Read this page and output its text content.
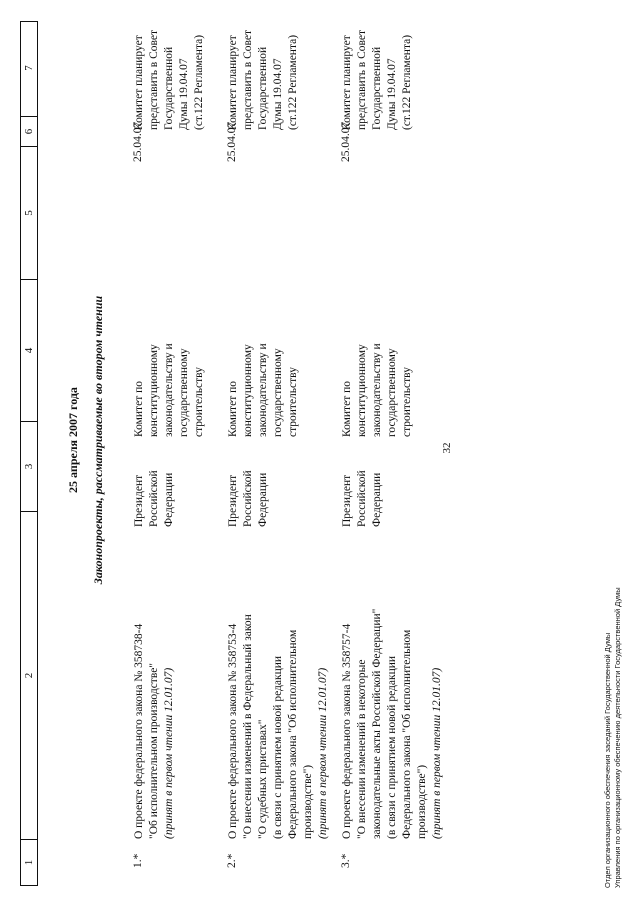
32
1
2
3
4
5
6
7
25 апреля 2007 года Законопроекты, рассматриваемые во втором чтении
1.*
О проекте федерального закона № 358738-4 "Об исполнительном производстве" (принят в первом чтении 12.01.07)
Президент
Российской
Федерации
Комитет по
конституционному
законодательству и
государственному
строительству
25.04.07
Комитет планирует
представить в Совет
Государственной
Думы 19.04.07
(ст.122 Регламента)
2.*
О проекте федерального закона № 358753-4 "О внесении изменений в Федеральный закон "О судебных приставах" (в связи с принятием новой редакции Федерального закона "Об исполнительном производстве") (принят в первом чтении 12.01.07)
Президент
Российской
Федерации
Комитет по
конституционному
законодательству и
государственному
строительству
25.04.07
Комитет планирует
представить в Совет
Государственной
Думы 19.04.07
(ст.122 Регламента)
3.*
О проекте федерального закона № 358757-4 "О внесении изменений в некоторые законодательные акты Российской Федерации" (в связи с принятием новой редакции Федерального закона "Об исполнительном производстве") (принят в первом чтении 12.01.07)
Президент
Российской
Федерации
Комитет по
конституционному
законодательству и
государственному
строительству
25.04.07
Комитет планирует
представить в Совет
Государственной
Думы 19.04.07
(ст.122 Регламента)
Отдел организационного обеспечения заседаний Государственной Думы Управления по организационному обеспечению деятельности Государственной Думы
